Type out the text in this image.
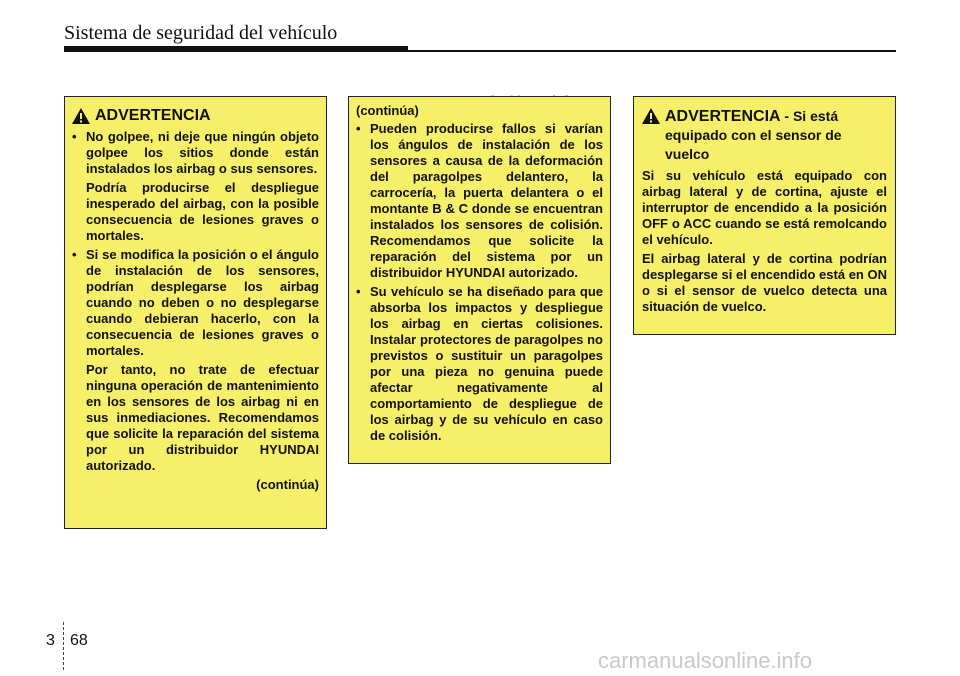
Sistema de seguridad del vehículo
ADVERTENCIA
• No golpee, ni deje que ningún objeto golpee los sitios donde están instalados los airbag o sus sensores.
Podría producirse el despliegue inesperado del airbag, con la posible consecuencia de lesiones graves o mortales.
• Si se modifica la posición o el ángulo de instalación de los sensores, podrían desplegarse los airbag cuando no deben o no desplegarse cuando debieran hacerlo, con la consecuencia de lesiones graves o mortales.
Por tanto, no trate de efectuar ninguna operación de mantenimiento en los sensores de los airbag ni en sus inmediaciones. Recomendamos que solicite la reparación del sistema por un distribuidor HYUNDAI autorizado.
(continúa)
(continúa)
• Pueden producirse fallos si varían los ángulos de instalación de los sensores a causa de la deformación del paragolpes delantero, la carrocería, la puerta delantera o el montante B & C donde se encuentran instalados los sensores de colisión. Recomendamos que solicite la reparación del sistema por un distribuidor HYUNDAI autorizado.
• Su vehículo se ha diseñado para que absorba los impactos y despliegue los airbag en ciertas colisiones. Instalar protectores de paragolpes no previstos o sustituir un paragolpes por una pieza no genuina puede afectar negativamente al comportamiento de despliegue de los airbag y de su vehículo en caso de colisión.
ADVERTENCIA - Si está equipado con el sensor de vuelco
Si su vehículo está equipado con airbag lateral y de cortina, ajuste el interruptor de encendido a la posición OFF o ACC cuando se está remolcando el vehículo.
El airbag lateral y de cortina podrían desplegarse si el encendido está en ON o si el sensor de vuelco detecta una situación de vuelco.
3 68
carmanualsonline.info
